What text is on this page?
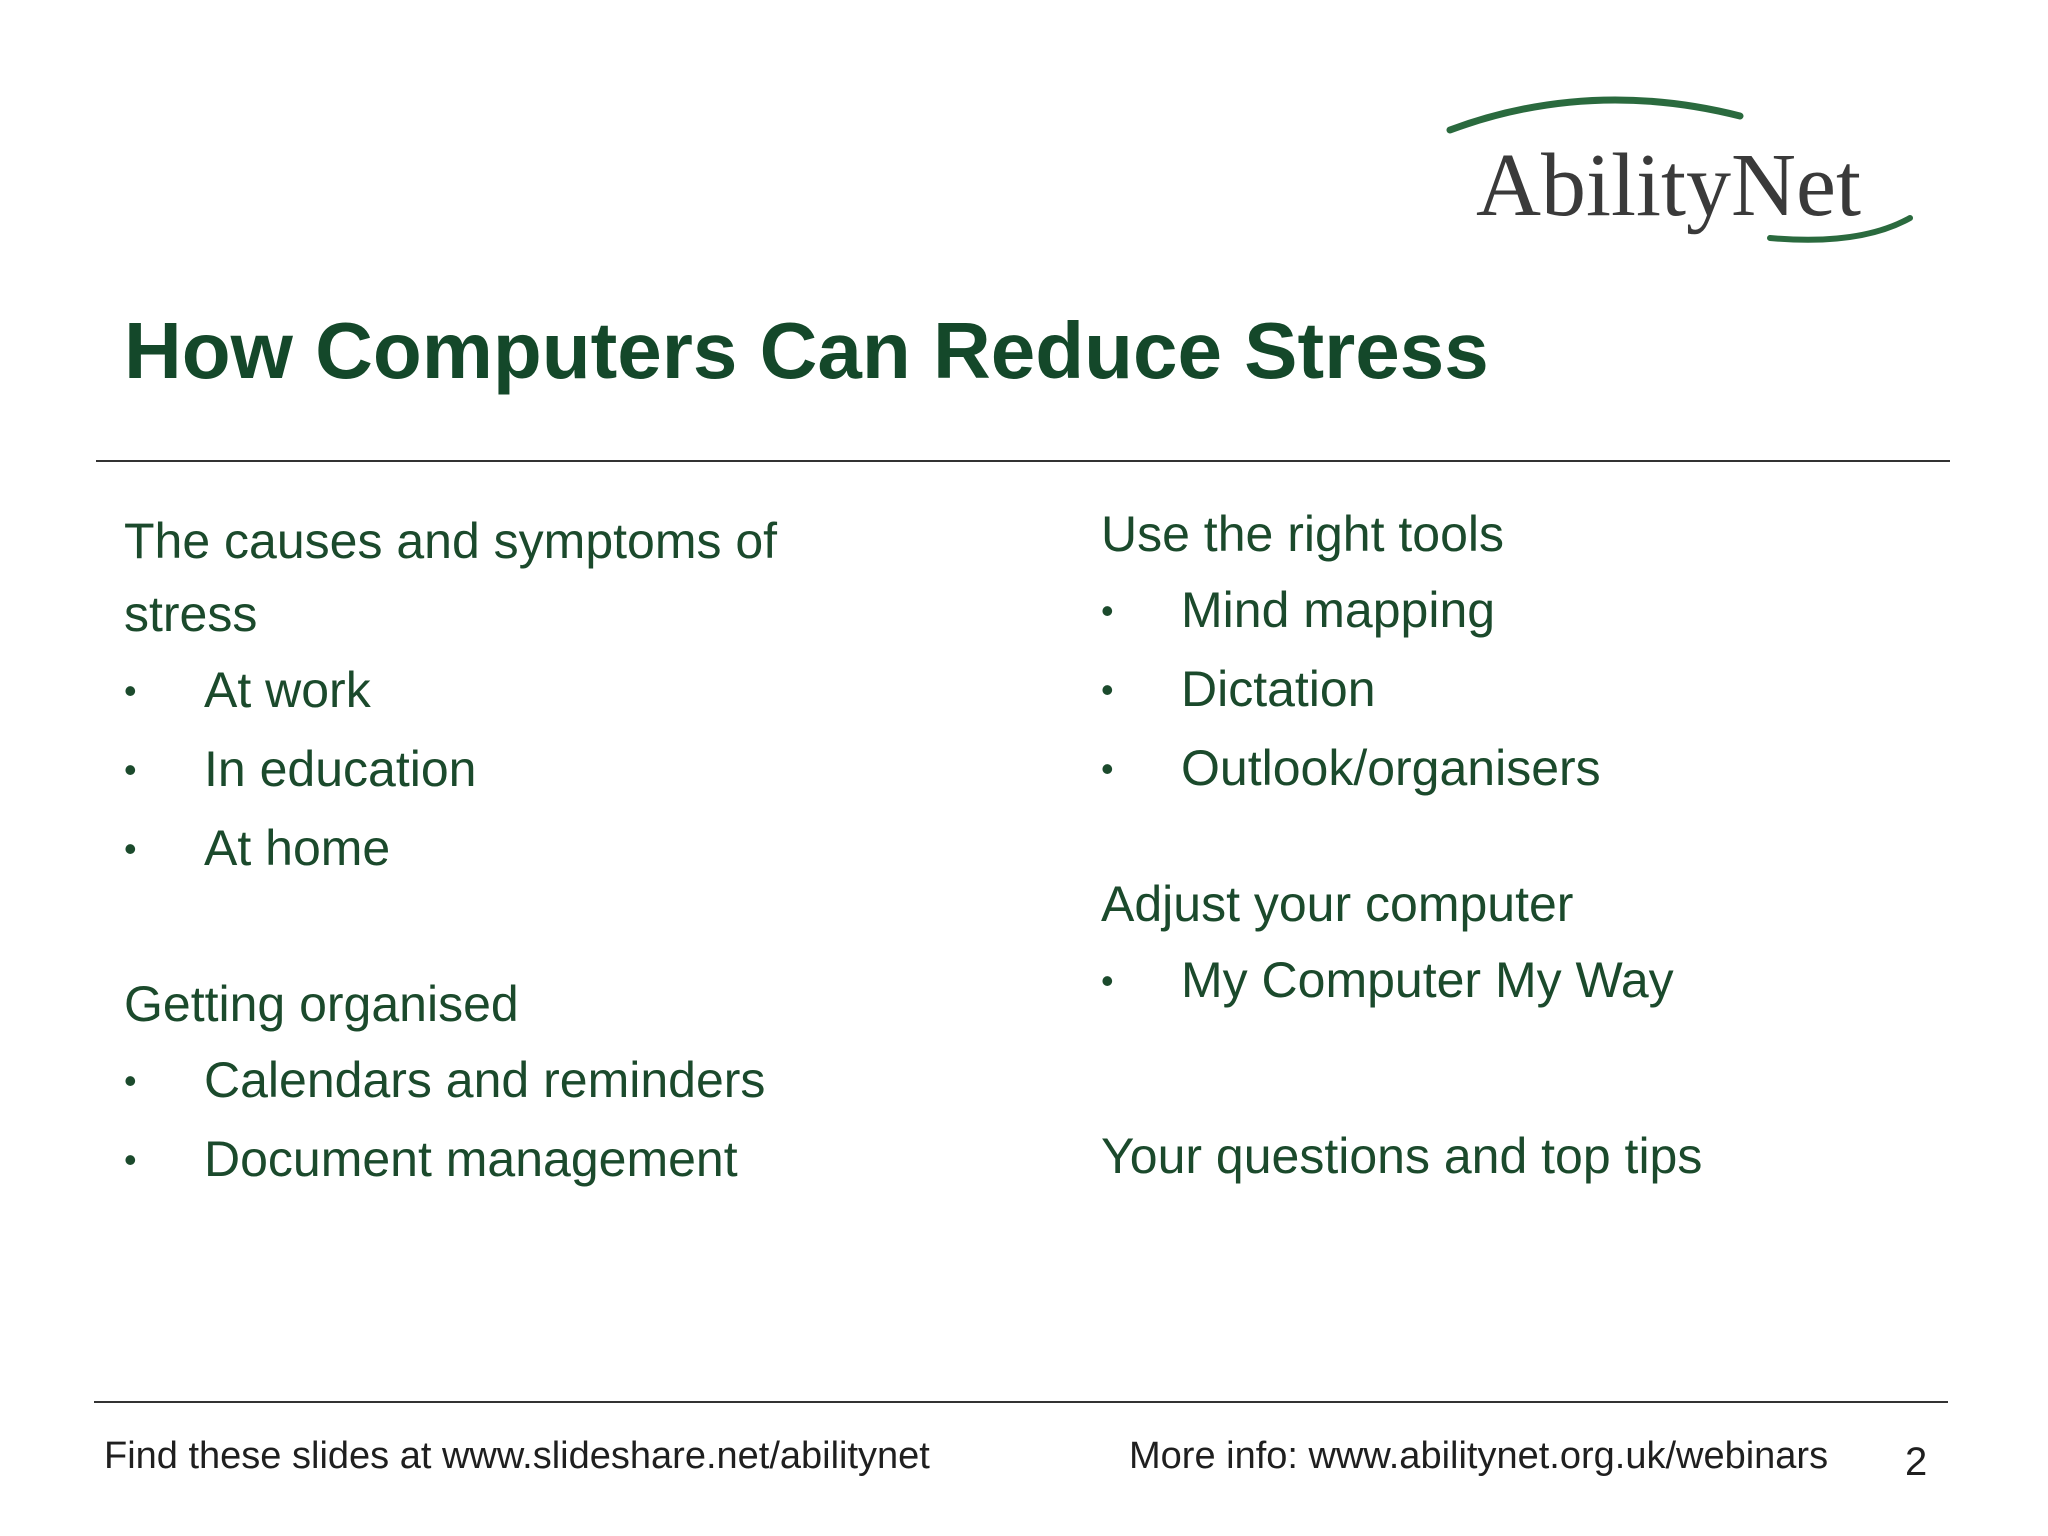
AbilityNet
How Computers Can Reduce Stress
The causes and symptoms of stress
• At work
• In education
• At home
Getting organised
• Calendars and reminders
• Document management
Use the right tools
• Mind mapping
• Dictation
• Outlook/organisers
Adjust your computer
• My Computer My Way
Your questions and top tips
Find these slides at www.slideshare.net/abilitynet	More info: www.abilitynet.org.uk/webinars 2
